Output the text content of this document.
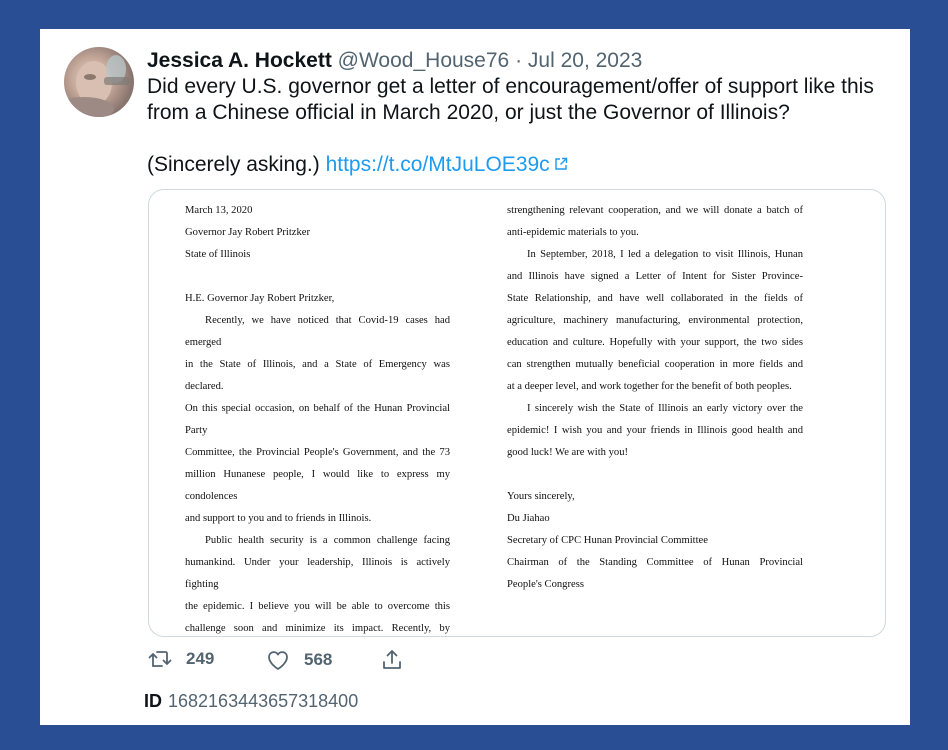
Jessica A. Hockett @Wood_House76 · Jul 20, 2023

Did every U.S. governor get a letter of encouragement/offer of support like this from a Chinese official in March 2020, or just the Governor of Illinois?

(Sincerely asking.) https://t.co/MtJuLOE39c

March 13, 2020

Governor Jay Robert Pritzker

State of Illinois

H.E. Governor Jay Robert Pritzker,

Recently, we have noticed that Covid-19 cases had emerged

in the State of Illinois, and a State of Emergency was declared.

On this special occasion, on behalf of the Hunan Provincial Party

Committee, the Provincial People's Government, and the 73

million Hunanese people, I would like to express my condolences

and support to you and to friends in Illinois.

Public health security is a common challenge facing

humankind. Under your leadership, Illinois is actively fighting

the epidemic. I believe you will be able to overcome this

challenge soon and minimize its impact. Recently, by

strengthening relevant cooperation, and we will donate a batch of

anti-epidemic materials to you.

In September, 2018, I led a delegation to visit Illinois, Hunan

and Illinois have signed a Letter of Intent for Sister Province-

State Relationship, and have well collaborated in the fields of

agriculture, machinery manufacturing, environmental protection,

education and culture. Hopefully with your support, the two sides

can strengthen mutually beneficial cooperation in more fields and

at a deeper level, and work together for the benefit of both peoples.

I sincerely wish the State of Illinois an early victory over the

epidemic! I wish you and your friends in Illinois good health and

good luck! We are with you!

Yours sincerely,

Du Jiahao

Secretary of CPC Hunan Provincial Committee

Chairman of the Standing Committee of Hunan Provincial

People's Congress

249	568
ID 1682163443657318400
